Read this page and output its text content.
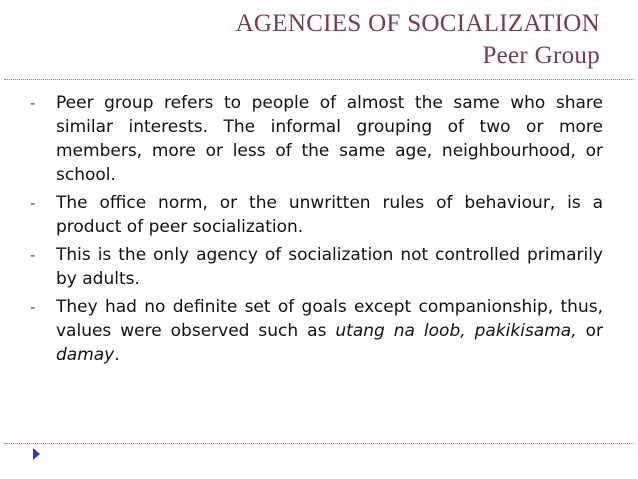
AGENCIES OF SOCIALIZATION
Peer Group
- Peer group refers to people of almost the same who share similar interests. The informal grouping of two or more members, more or less of the same age, neighbourhood, or school.
- The office norm, or the unwritten rules of behaviour, is a product of peer socialization.
- This is the only agency of socialization not controlled primarily by adults.
- They had no definite set of goals except companionship, thus, values were observed such as utang na loob, pakikisama, or damay.
